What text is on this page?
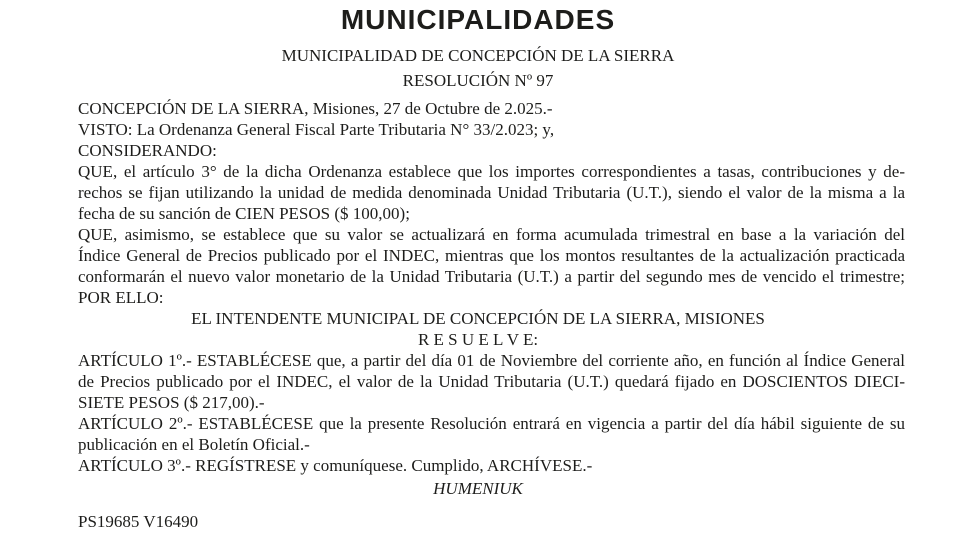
MUNICIPALIDADES
MUNICIPALIDAD DE CONCEPCIÓN DE LA SIERRA
RESOLUCIÓN Nº 97
CONCEPCIÓN DE LA SIERRA, Misiones, 27 de Octubre de 2.025.-
VISTO: La Ordenanza General Fiscal Parte Tributaria N° 33/2.023; y,
CONSIDERANDO:
QUE, el artículo 3° de la dicha Ordenanza establece que los importes correspondientes a tasas, contribuciones y de-
rechos se fijan utilizando la unidad de medida denominada Unidad Tributaria (U.T.), siendo el valor de la misma a la
fecha de su sanción de CIEN PESOS ($ 100,00);
QUE, asimismo, se establece que su valor se actualizará en forma acumulada trimestral en base a la variación del
Índice General de Precios publicado por el INDEC, mientras que los montos resultantes de la actualización practicada
conformarán el nuevo valor monetario de la Unidad Tributaria (U.T.) a partir del segundo mes de vencido el trimestre;
POR ELLO:
EL INTENDENTE MUNICIPAL DE CONCEPCIÓN DE LA SIERRA, MISIONES
R E S U E L V E:
ARTÍCULO 1º.- ESTABLÉCESE que, a partir del día 01 de Noviembre del corriente año, en función al Índice General
de Precios publicado por el INDEC, el valor de la Unidad Tributaria (U.T.) quedará fijado en DOSCIENTOS DIECI-
SIETE PESOS ($ 217,00).-
ARTÍCULO 2º.- ESTABLÉCESE que la presente Resolución entrará en vigencia a partir del día hábil siguiente de su
publicación en el Boletín Oficial.-
ARTÍCULO 3º.- REGÍSTRESE y comuníquese. Cumplido, ARCHÍVESE.-
HUMENIUK
PS19685 V16490
